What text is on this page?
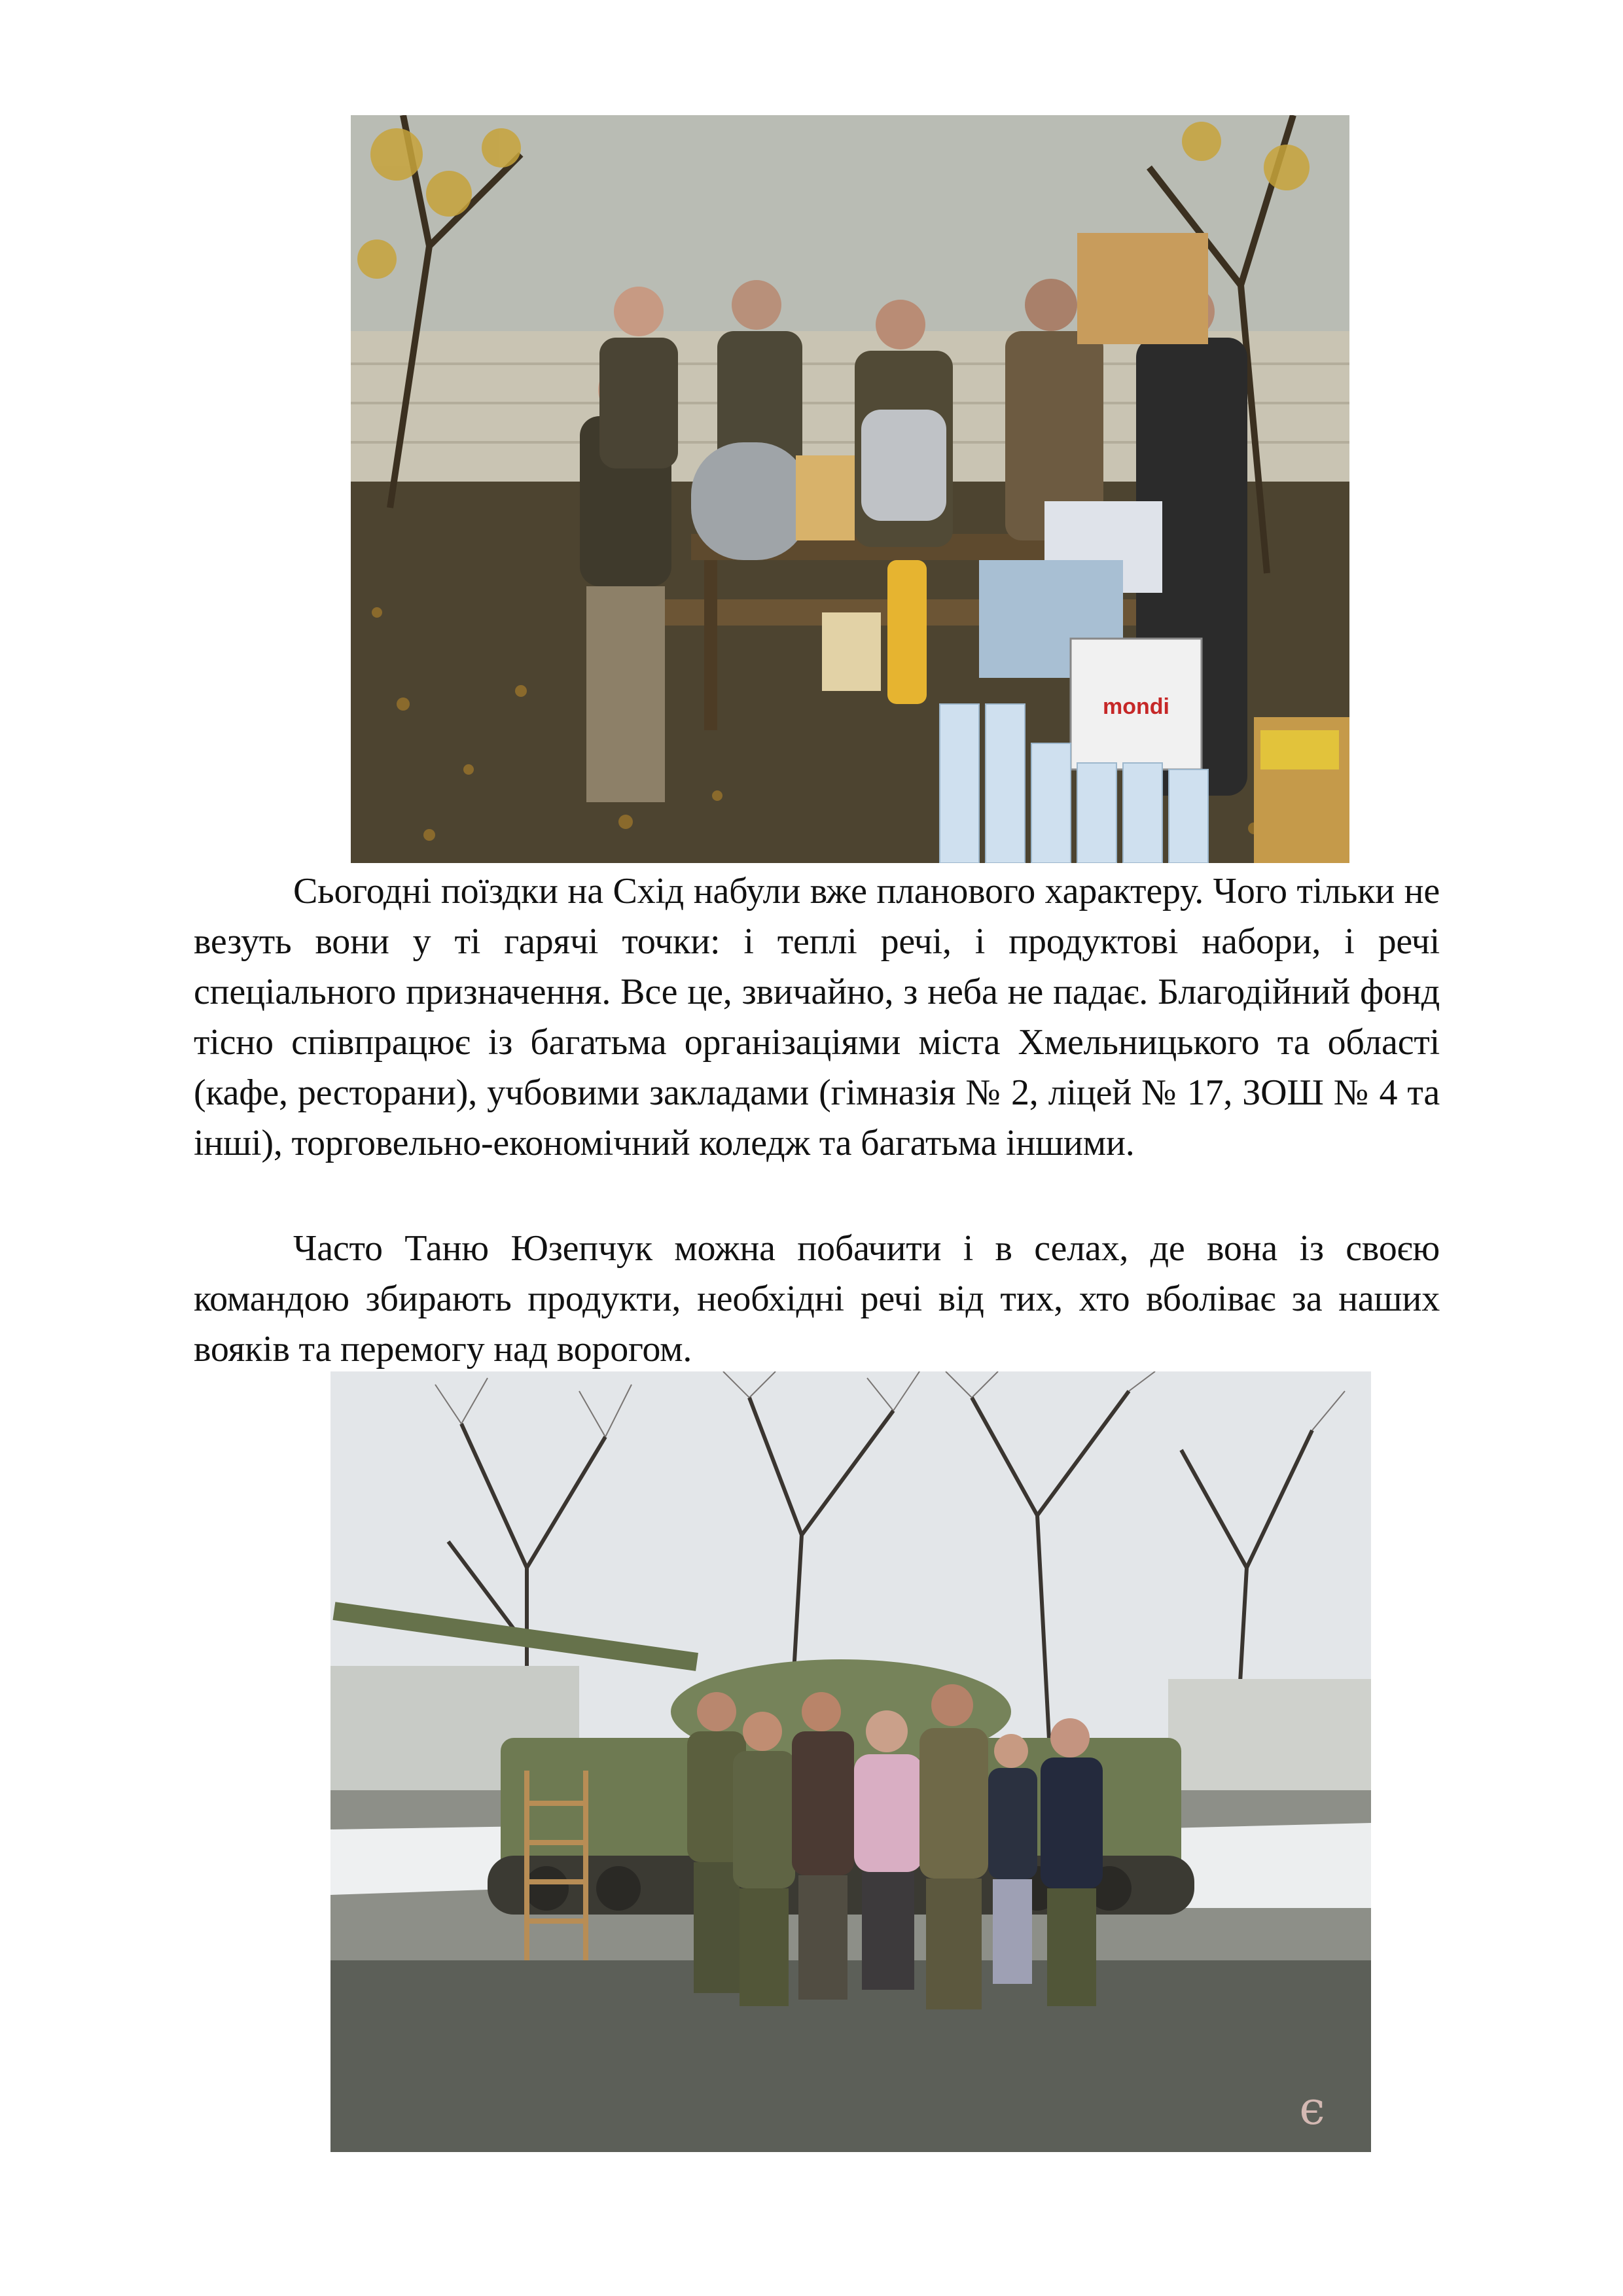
mondi

Сьогодні поїздки на Схід набули вже планового характеру. Чого тільки не везуть вони у ті гарячі точки: і теплі речі, і продуктові набори, і речі спеціального призначення. Все це, звичайно, з неба не падає. Благодійний фонд тісно співпрацює із багатьма організаціями міста Хмельницького та області (кафе, ресторани), учбовими закладами (гімназія № 2, ліцей № 17, ЗОШ № 4 та інші), торговельно-економічний коледж та багатьма іншими.

Часто Таню Юзепчук можна побачити і в селах, де вона із своєю командою збирають продукти, необхідні речі від тих, хто вболіває за наших вояків та перемогу над ворогом.

є
